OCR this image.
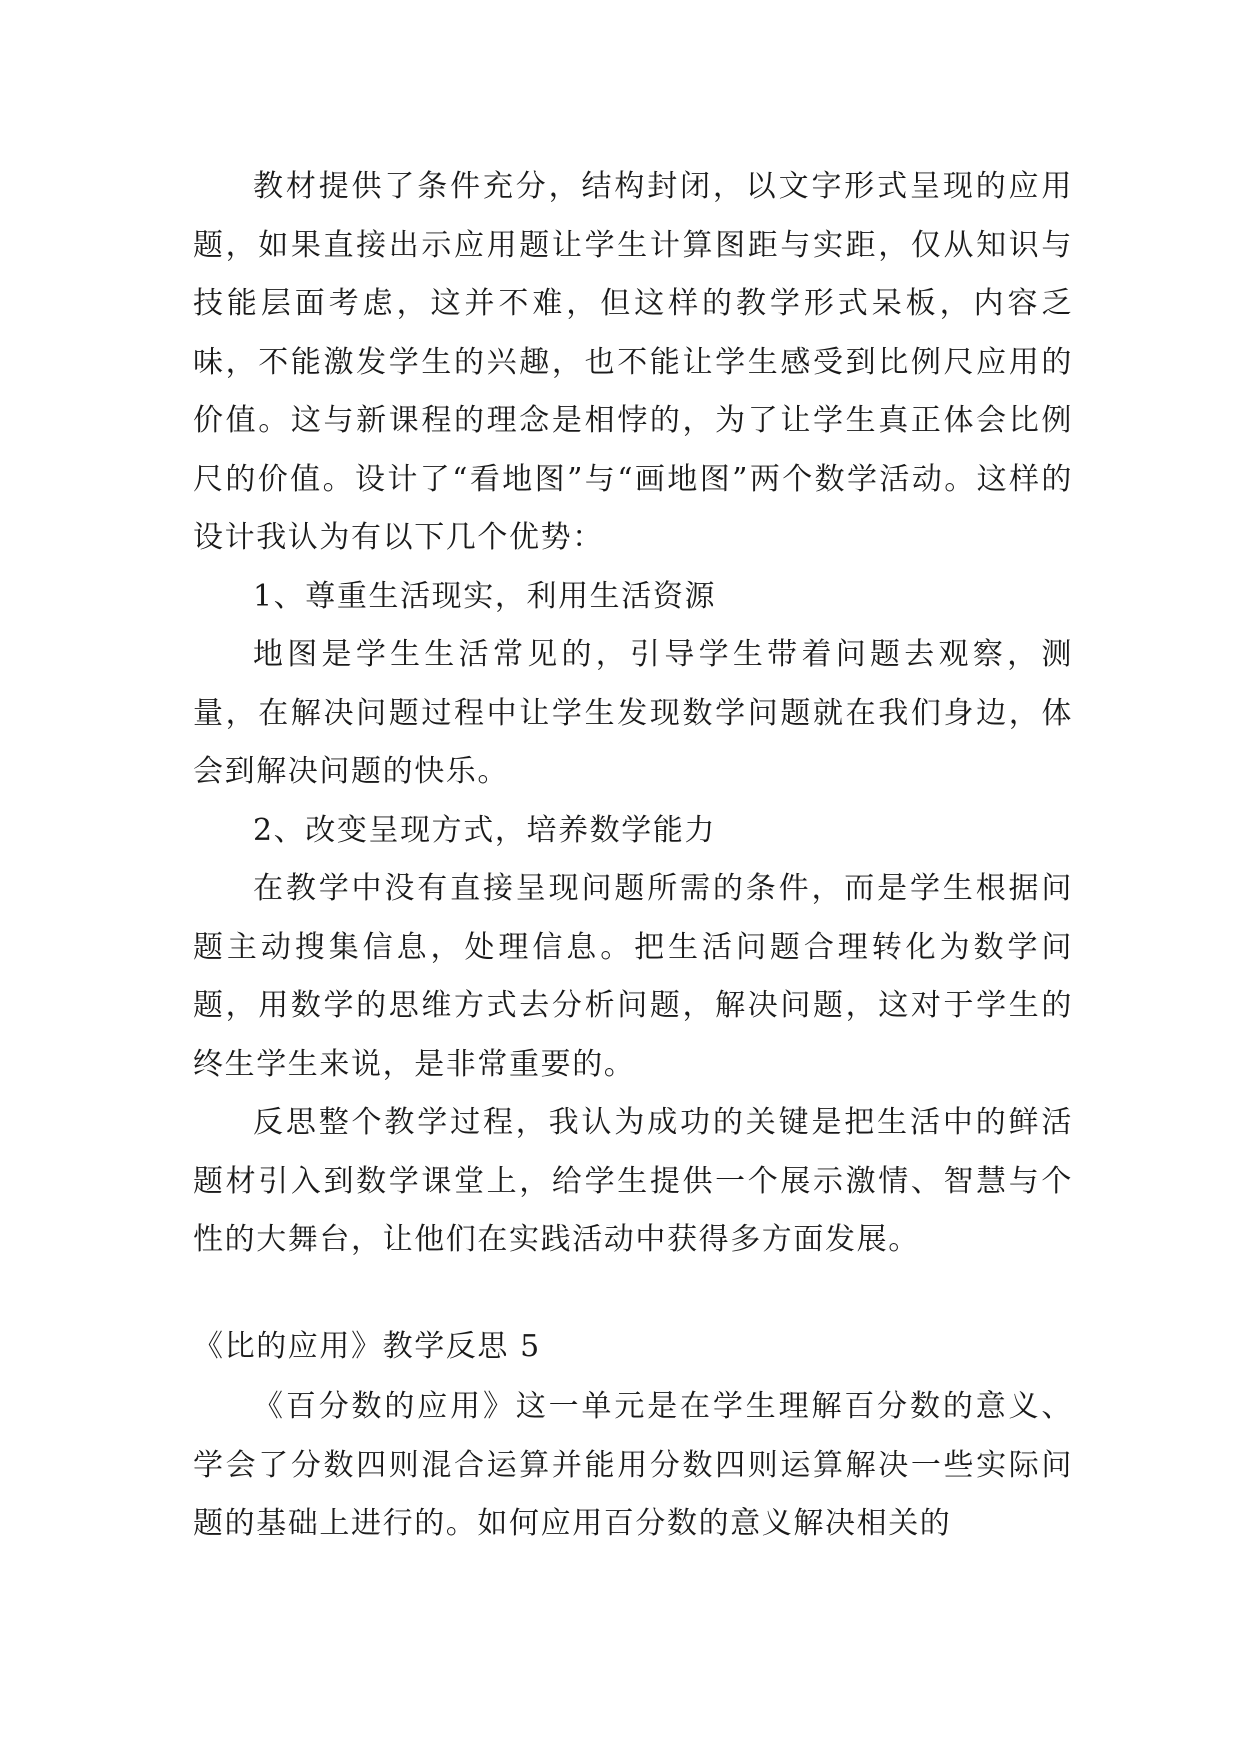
教材提供了条件充分，结构封闭，以文字形式呈现的应用题，如果直接出示应用题让学生计算图距与实距，仅从知识与技能层面考虑，这并不难，但这样的教学形式呆板，内容乏味，不能激发学生的兴趣，也不能让学生感受到比例尺应用的价值。这与新课程的理念是相悖的，为了让学生真正体会比例尺的价值。设计了“看地图”与“画地图”两个数学活动。这样的设计我认为有以下几个优势：

1、尊重生活现实，利用生活资源

地图是学生生活常见的，引导学生带着问题去观察，测量，在解决问题过程中让学生发现数学问题就在我们身边，体会到解决问题的快乐。

2、改变呈现方式，培养数学能力

在教学中没有直接呈现问题所需的条件，而是学生根据问题主动搜集信息，处理信息。把生活问题合理转化为数学问题，用数学的思维方式去分析问题，解决问题，这对于学生的终生学生来说，是非常重要的。

反思整个教学过程，我认为成功的关键是把生活中的鲜活题材引入到数学课堂上，给学生提供一个展示激情、智慧与个性的大舞台，让他们在实践活动中获得多方面发展。

《比的应用》教学反思 5

《百分数的应用》这一单元是在学生理解百分数的意义、学会了分数四则混合运算并能用分数四则运算解决一些实际问题的基础上进行的。如何应用百分数的意义解决相关的
